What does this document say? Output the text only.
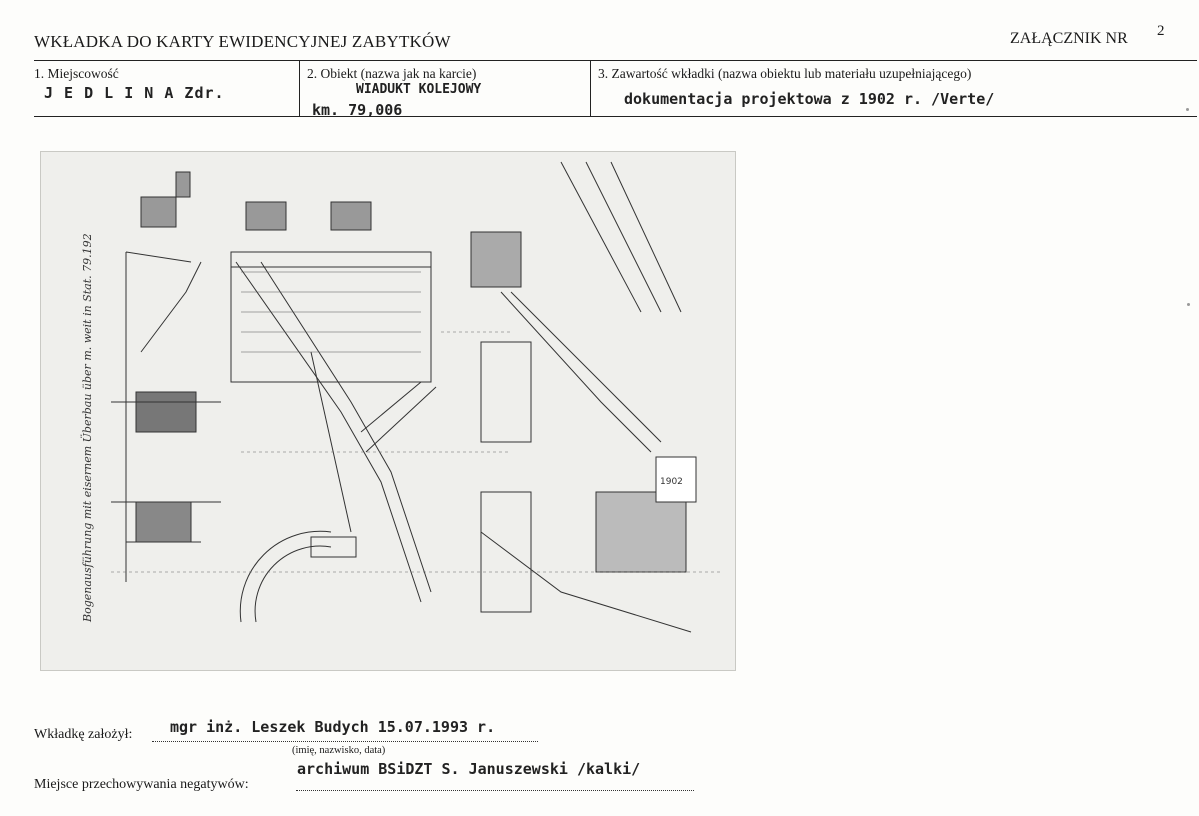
WKŁADKA DO KARTY EWIDENCYJNEJ ZABYTKÓW	ZAŁĄCZNIK NR 2
1. Miejscowość
J E D L I N A Zdr.
2. Obiekt (nazwa jak na karcie)
WIADUKT KOLEJOWY
km. 79,006
3. Zawartość wkładki (nazwa obiektu lub materiału uzupełniającego)
dokumentacja projektowa z 1902 r. /Verte/
Bogenausführung mit eisernem Überbau über m. weit in Stat. 79.192	1902
Wkładkę założył:	mgr inż. Leszek Budych 15.07.1993 r.
(imię, nazwisko, data)
Miejsce przechowywania negatywów:
archiwum BSiDZT S. Januszewski /kalki/
